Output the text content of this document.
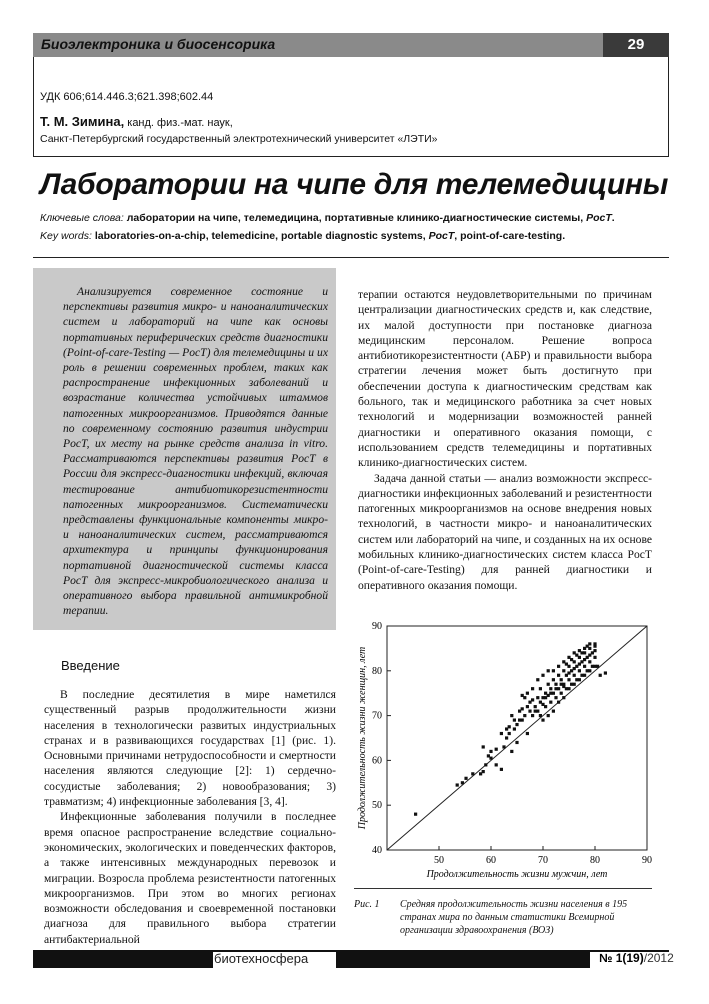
Биоэлектроника и биосенсорика	29
УДК 606;614.446.3;621.398;602.44
Т. М. Зимина, канд. физ.-мат. наук,
Санкт-Петербургский государственный электротехнический университет «ЛЭТИ»
Лаборатории на чипе для телемедицины
Ключевые слова: лаборатории на чипе, телемедицина, портативные клинико-диагностические системы, PocT.
Key words: laboratories-on-a-chip, telemedicine, portable diagnostic systems, PocT, point-of-care-testing.
Анализируется современное состояние и перспективы развития микро- и наноаналитических систем и лабораторий на чипе как основы портативных периферических средств диагностики (Point-of-care-Testing — PocT) для телемедицины и их роль в решении современных проблем, таких как распространение инфекционных заболеваний и возрастание количества устойчивых штаммов патогенных микроорганизмов. Приводятся данные по современному состоянию развития индустрии PocT, их месту на рынке средств анализа in vitro. Рассматриваются перспективы развития PocT в России для экспресс-диагностики инфекций, включая тестирование антибиотикорезистентности патогенных микроорганизмов. Систематически представлены функциональные компоненты микро- и наноаналитических систем, рассматриваются архитектура и принципы функционирования портативной диагностической системы класса PocT для экспресс-микробиологического анализа и оперативного выбора правильной антимикробной терапии.
Введение

В последние десятилетия в мире наметился существенный разрыв продолжительности жизни населения в технологически развитых индустриальных странах и в развивающихся государствах [1] (рис. 1). Основными причинами нетрудоспособности и смертности населения являются следующие [2]: 1) сердечно-сосудистые заболевания; 2) новообразования; 3) травматизм; 4) инфекционные заболевания [3, 4].

Инфекционные заболевания получили в последнее время опасное распространение вследствие социально-экономических, экологических и поведенческих факторов, а также интенсивных международных перевозок и миграции. Возросла проблема резистентности патогенных микроорганизмов. При этом во многих регионах возможности обследования и своевременной постановки диагноза для правильного выбора стратегии антибактериальной

терапии остаются неудовлетворительными по причинам централизации диагностических средств и, как следствие, их малой доступности при постановке диагноза медицинским персоналом. Решение вопроса антибиотикорезистентности (АБР) и правильности выбора стратегии лечения может быть достигнуто при обеспечении доступа к диагностическим средствам как больного, так и медицинского работника за счет новых технологий и модернизации возможностей ранней диагностики и оперативного оказания помощи, с использованием средств телемедицины и портативных клинико-диагностических систем.

Задача данной статьи — анализ возможности экспресс-диагностики инфекционных заболеваний и резистентности патогенных микроорганизмов на основе внедрения новых технологий, в частности микро- и наноаналитических систем или лабораторий на чипе, и созданных на их основе мобильных клинико-диагностических систем класса PocT (Point-of-care-Testing) для ранней диагностики и оперативного оказания помощи.

50	60	70	80	90
40
50
60
70
80
90
Продолжительность жизни мужчин, лет
Продолжительность жизни женщин, лет
Рис. 1 Средняя продолжительность жизни населения в 195 странах мира по данным статистики Всемирной организации здравоохранения (ВОЗ)
биотехносфера	№ 1(19)/2012
